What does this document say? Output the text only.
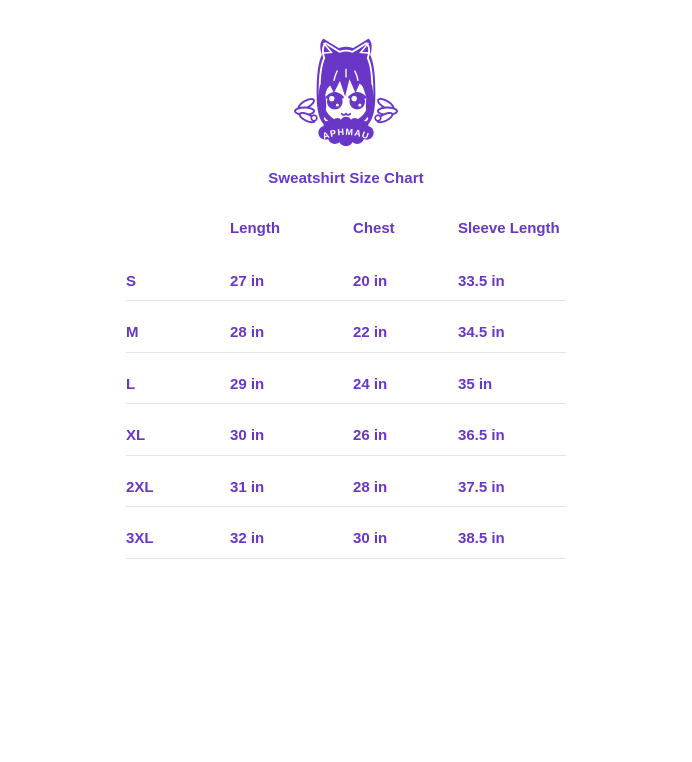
APHMAU
Sweatshirt Size Chart
	Length	Chest	Sleeve Length
S	27 in	20 in	33.5 in
M	28 in	22 in	34.5 in
L	29 in	24 in	35 in
XL	30 in	26 in	36.5 in
2XL	31 in	28 in	37.5 in
3XL	32 in	30 in	38.5 in
